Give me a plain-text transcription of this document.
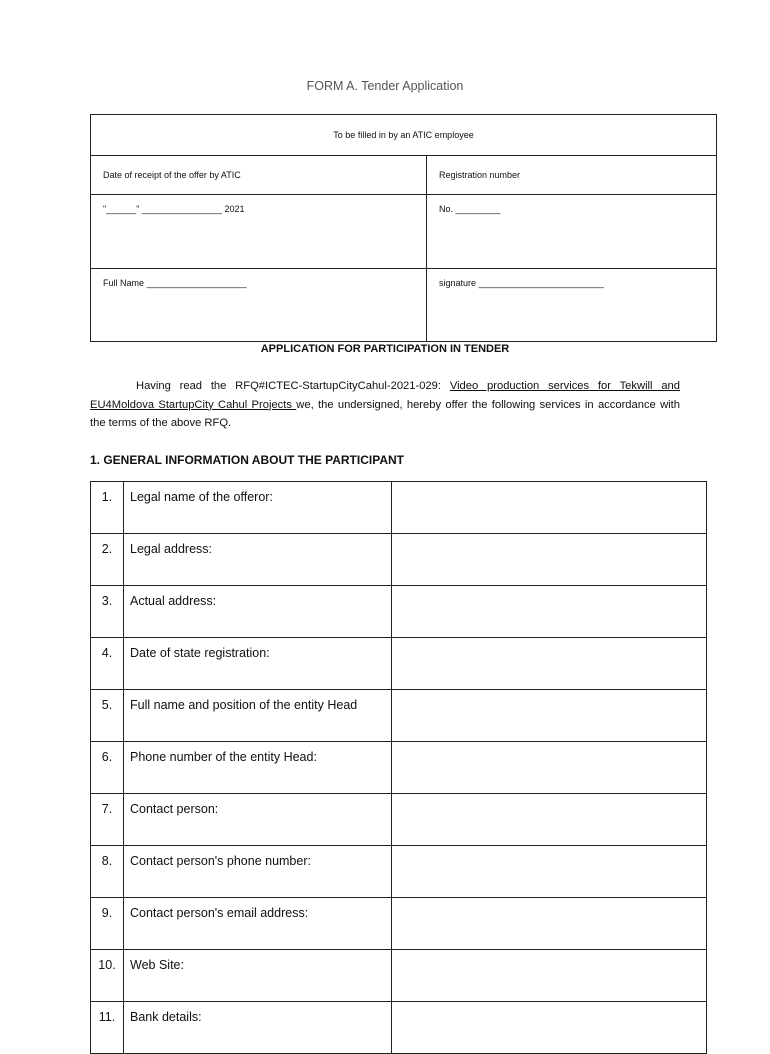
FORM A. Tender Application
To be filled in by an ATIC employee	
Date of receipt of the offer by ATIC	Registration number
"______" ________________ 2021	No. _________
Full Name ____________________	signature _________________________
APPLICATION FOR PARTICIPATION IN TENDER
Having read the RFQ#ICTEC-StartupCityCahul-2021-029: Video production services for Tekwill and EU4Moldova StartupCity Cahul Projects we, the undersigned, hereby offer the following services in accordance with the terms of the above RFQ.
1. GENERAL INFORMATION ABOUT THE PARTICIPANT
1.	Legal name of the offeror:	
2.	Legal address:	
3.	Actual address:	
4.	Date of state registration:	
5.	Full name and position of the entity Head	
6.	Phone number of the entity Head:	
7.	Contact person:	
8.	Contact person's phone number:	
9.	Contact person's email address:	
10.	Web Site:	
11.	Bank details:	
